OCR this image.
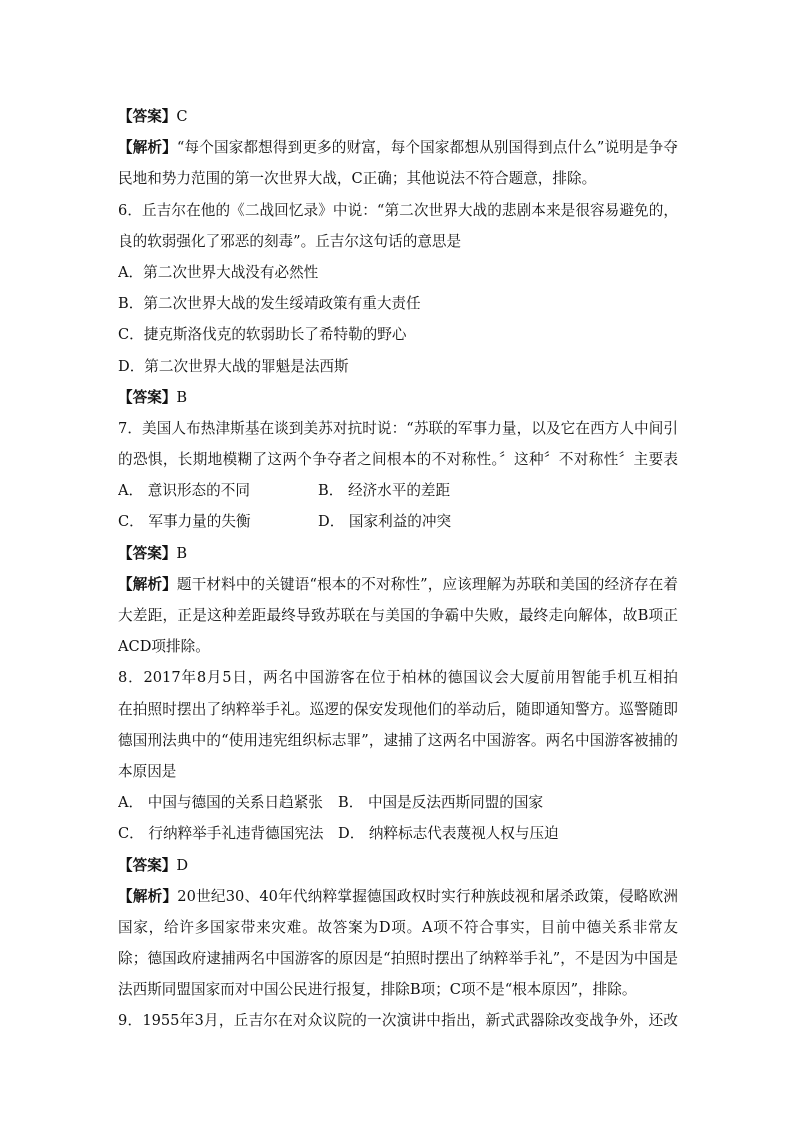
【答案】C
【解析】“每个国家都想得到更多的财富，每个国家都想从别国得到点什么”说明是争夺
民地和势力范围的第一次世界大战，C正确；其他说法不符合题意，排除。
6．丘吉尔在他的《二战回忆录》中说：“第二次世界大战的悲剧本来是很容易避免的，
良的软弱强化了邪恶的刻毒”。丘吉尔这句话的意思是
A．第二次世界大战没有必然性
B．第二次世界大战的发生绥靖政策有重大责任
C．捷克斯洛伐克的软弱助长了希特勒的野心
D．第二次世界大战的罪魁是法西斯
【答案】B
7．美国人布热津斯基在谈到美苏对抗时说：“苏联的军事力量，以及它在西方人中间引
的恐惧，长期地模糊了这两个争夺者之间根本的不对称性。〞这种〞不对称性〞主要表
A． 意识形态的不同	B． 经济水平的差距
C． 军事力量的失衡	D． 国家利益的冲突
【答案】B
【解析】题干材料中的关键语“根本的不对称性”，应该理解为苏联和美国的经济存在着
大差距，正是这种差距最终导致苏联在与美国的争霸中失败，最终走向解体，故B项正
ACD项排除。
8．2017年8月5日，两名中国游客在位于柏林的德国议会大厦前用智能手机互相拍
在拍照时摆出了纳粹举手礼。巡逻的保安发现他们的举动后，随即通知警方。巡警随即
德国刑法典中的“使用违宪组织标志罪”，逮捕了这两名中国游客。两名中国游客被捕的
本原因是
A． 中国与德国的关系日趋紧张	B． 中国是反法西斯同盟的国家
C． 行纳粹举手礼违背德国宪法 D． 纳粹标志代表蔑视人权与压迫
【答案】D
【解析】20世纪30、40年代纳粹掌握德国政权时实行种族歧视和屠杀政策，侵略欧洲
国家，给许多国家带来灾难。故答案为D项。A项不符合事实，目前中德关系非常友
除；德国政府逮捕两名中国游客的原因是“拍照时摆出了纳粹举手礼”，不是因为中国是
法西斯同盟国家而对中国公民进行报复，排除B项；C项不是“根本原因”，排除。
9．1955年3月，丘吉尔在对众议院的一次演讲中指出，新式武器除改变战争外，还改
